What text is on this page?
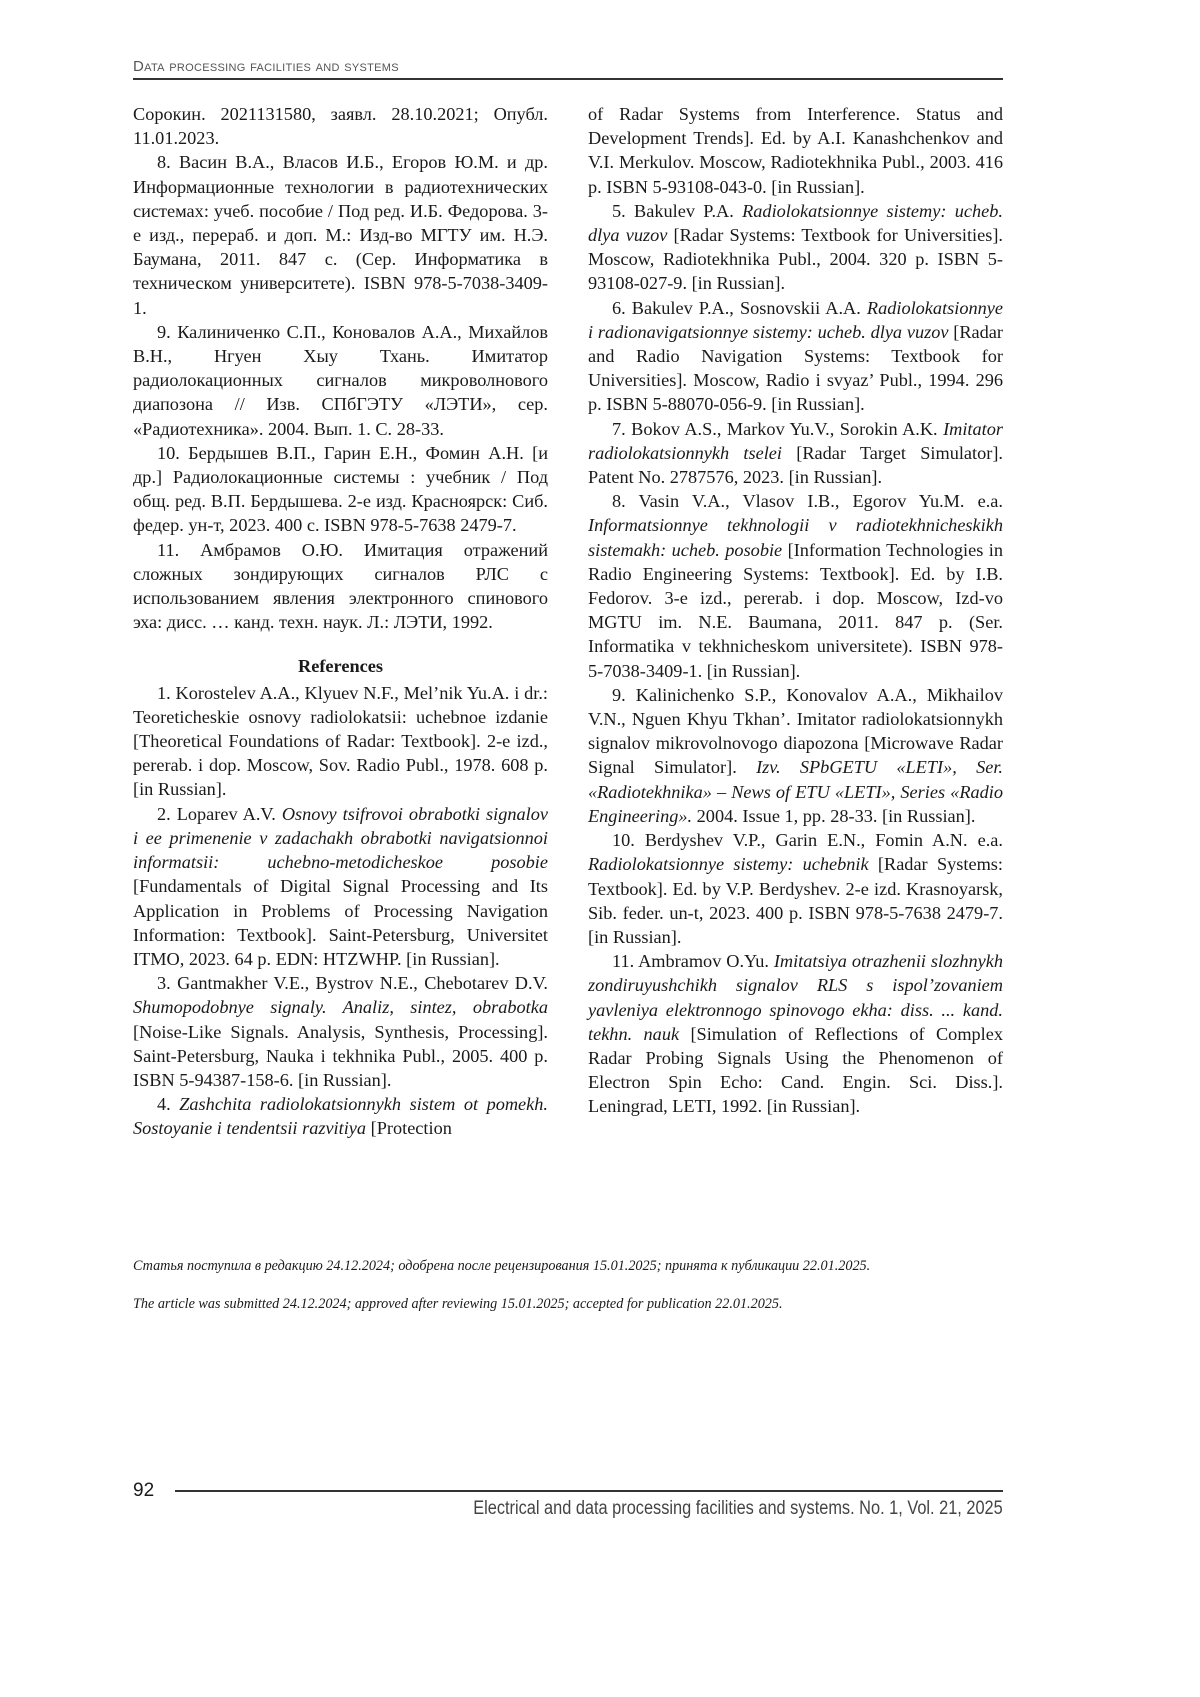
Data processing facilities and systems

Сорокин. 2021131580, заявл. 28.10.2021; Опубл. 11.01.2023.

8. Васин В.А., Власов И.Б., Егоров Ю.М. и др. Информационные технологии в радиотехнических системах: учеб. пособие / Под ред. И.Б. Федорова. 3-е изд., перераб. и доп. М.: Изд-во МГТУ им. Н.Э. Баумана, 2011. 847 с. (Сер. Информатика в техническом университете). ISBN 978-5-7038-3409-1.

9. Калиниченко С.П., Коновалов А.А., Михайлов В.Н., Нгуен Хыу Тхань. Имитатор радиолокационных сигналов микроволнового диапозона // Изв. СПбГЭТУ «ЛЭТИ», сер. «Радиотехника». 2004. Вып. 1. С. 28-33.

10. Бердышев В.П., Гарин Е.Н., Фомин А.Н. [и др.] Радиолокационные системы : учебник / Под общ. ред. В.П. Бердышева. 2-е изд. Красноярск: Сиб. федер. ун-т, 2023. 400 с. ISBN 978-5-7638 2479-7.

11. Амбрамов О.Ю. Имитация отражений сложных зондирующих сигналов РЛС с использованием явления электронного спинового эха: дисс. … канд. техн. наук. Л.: ЛЭТИ, 1992.

References

1. Korostelev A.A., Klyuev N.F., Mel’nik Yu.A. i dr.: Teoreticheskie osnovy radiolokatsii: uchebnoe izdanie [Theoretical Foundations of Radar: Textbook]. 2-e izd., pererab. i dop. Moscow, Sov. Radio Publ., 1978. 608 p. [in Russian].

2. Loparev A.V. Osnovy tsifrovoi obrabotki signalov i ee primenenie v zadachakh obrabotki navigatsionnoi informatsii: uchebno-metodicheskoe posobie [Fundamentals of Digital Signal Processing and Its Application in Problems of Processing Navigation Information: Textbook]. Saint-Petersburg, Universitet ITMO, 2023. 64 p. EDN: HTZWHP. [in Russian].

3. Gantmakher V.E., Bystrov N.E., Chebotarev D.V. Shumopodobnye signaly. Analiz, sintez, obrabotka [Noise-Like Signals. Analysis, Synthesis, Processing]. Saint-Petersburg, Nauka i tekhnika Publ., 2005. 400 p. ISBN 5-94387-158-6. [in Russian].

4. Zashchita radiolokatsionnykh sistem ot pomekh. Sostoyanie i tendentsii razvitiya [Protection

of Radar Systems from Interference. Status and Development Trends]. Ed. by A.I. Kanashchenkov and V.I. Merkulov. Moscow, Radiotekhnika Publ., 2003. 416 p. ISBN 5-93108-043-0. [in Russian].

5. Bakulev P.A. Radiolokatsionnye sistemy: ucheb. dlya vuzov [Radar Systems: Textbook for Universities]. Moscow, Radiotekhnika Publ., 2004. 320 p. ISBN 5-93108-027-9. [in Russian].

6. Bakulev P.A., Sosnovskii A.A. Radiolokatsionnye i radionavigatsionnye sistemy: ucheb. dlya vuzov [Radar and Radio Navigation Systems: Textbook for Universities]. Moscow, Radio i svyaz’ Publ., 1994. 296 p. ISBN 5-88070-056-9. [in Russian].

7. Bokov A.S., Markov Yu.V., Sorokin A.K. Imitator radiolokatsionnykh tselei [Radar Target Simulator]. Patent No. 2787576, 2023. [in Russian].

8. Vasin V.A., Vlasov I.B., Egorov Yu.M. e.a. Informatsionnye tekhnologii v radiotekhnicheskikh sistemakh: ucheb. posobie [Information Technologies in Radio Engineering Systems: Textbook]. Ed. by I.B. Fedorov. 3-e izd., pererab. i dop. Moscow, Izd-vo MGTU im. N.E. Baumana, 2011. 847 p. (Ser. Informatika v tekhnicheskom universitete). ISBN 978-5-7038-3409-1. [in Russian].

9. Kalinichenko S.P., Konovalov A.A., Mikhailov V.N., Nguen Khyu Tkhan’. Imitator radiolokatsionnykh signalov mikrovolnovogo diapozona [Microwave Radar Signal Simulator]. Izv. SPbGETU «LETI», Ser. «Radiotekhnika» – News of ETU «LETI», Series «Radio Engineering». 2004. Issue 1, pp. 28-33. [in Russian].

10. Berdyshev V.P., Garin E.N., Fomin A.N. e.a. Radiolokatsionnye sistemy: uchebnik [Radar Systems: Textbook]. Ed. by V.P. Berdyshev. 2-e izd. Krasnoyarsk, Sib. feder. un-t, 2023. 400 p. ISBN 978-5-7638 2479-7. [in Russian].

11. Ambramov O.Yu. Imitatsiya otrazhenii slozhnykh zondiruyushchikh signalov RLS s ispol’zovaniem yavleniya elektronnogo spinovogo ekha: diss. ... kand. tekhn. nauk [Simulation of Reflections of Complex Radar Probing Signals Using the Phenomenon of Electron Spin Echo: Cand. Engin. Sci. Diss.]. Leningrad, LETI, 1992. [in Russian].

Статья поступила в редакцию 24.12.2024; одобрена после рецензирования 15.01.2025; принята к публикации 22.01.2025.
The article was submitted 24.12.2024; approved after reviewing 15.01.2025; accepted for publication 22.01.2025.
92
Electrical and data processing facilities and systems. No. 1, Vol. 21, 2025
